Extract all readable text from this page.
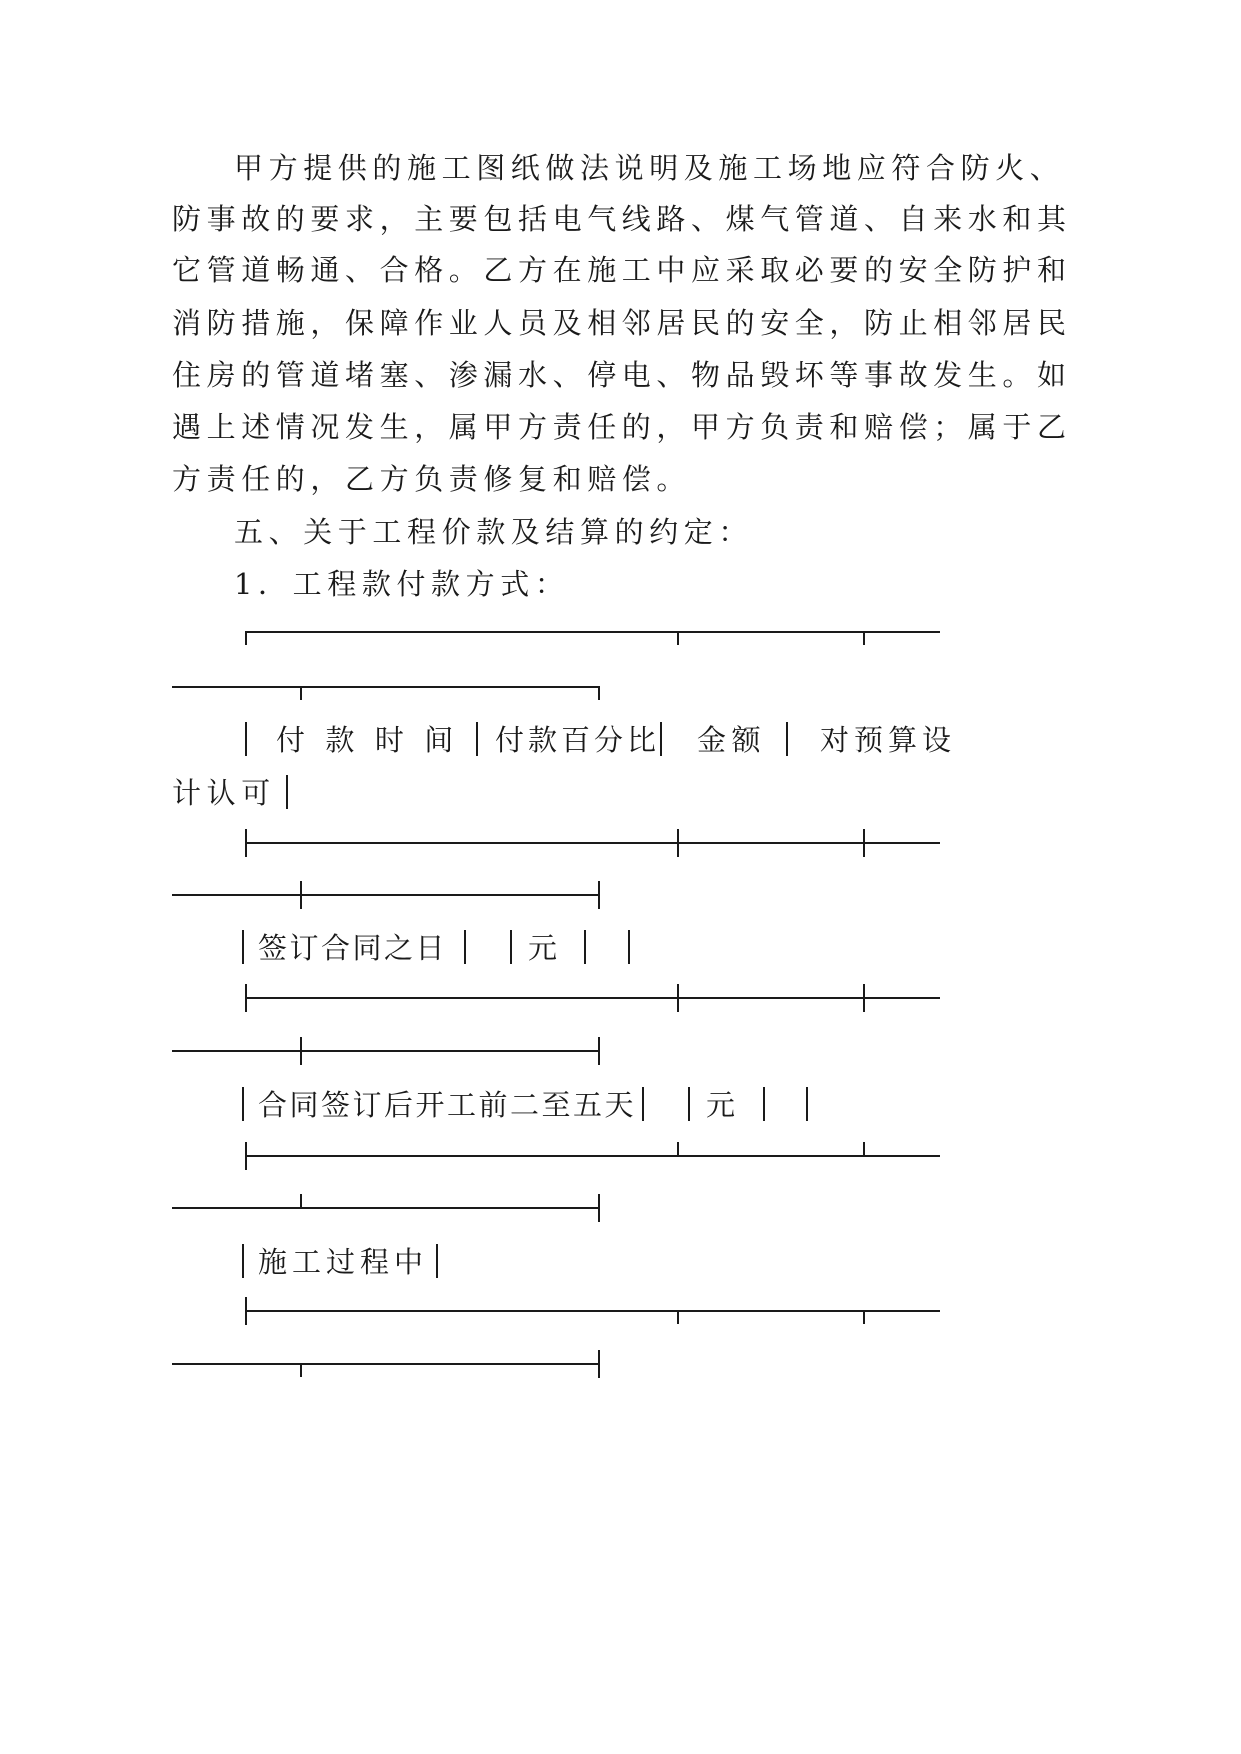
甲方提供的施工图纸做法说明及施工场地应符合防火、
防事故的要求，主要包括电气线路、煤气管道、自来水和其
它管道畅通、合格。乙方在施工中应采取必要的安全防护和
消防措施，保障作业人员及相邻居民的安全，防止相邻居民
住房的管道堵塞、渗漏水、停电、物品毁坏等事故发生。如
遇上述情况发生，属甲方责任的，甲方负责和赔偿；属于乙
方责任的，乙方负责修复和赔偿。
五、关于工程价款及结算的约定：
1．工程款付款方式：
付 款 时 间 付款百分比 金额 对预算设
计认可
签订合同之日	元
合同签订后开工前二至五天 元
施工过程中
